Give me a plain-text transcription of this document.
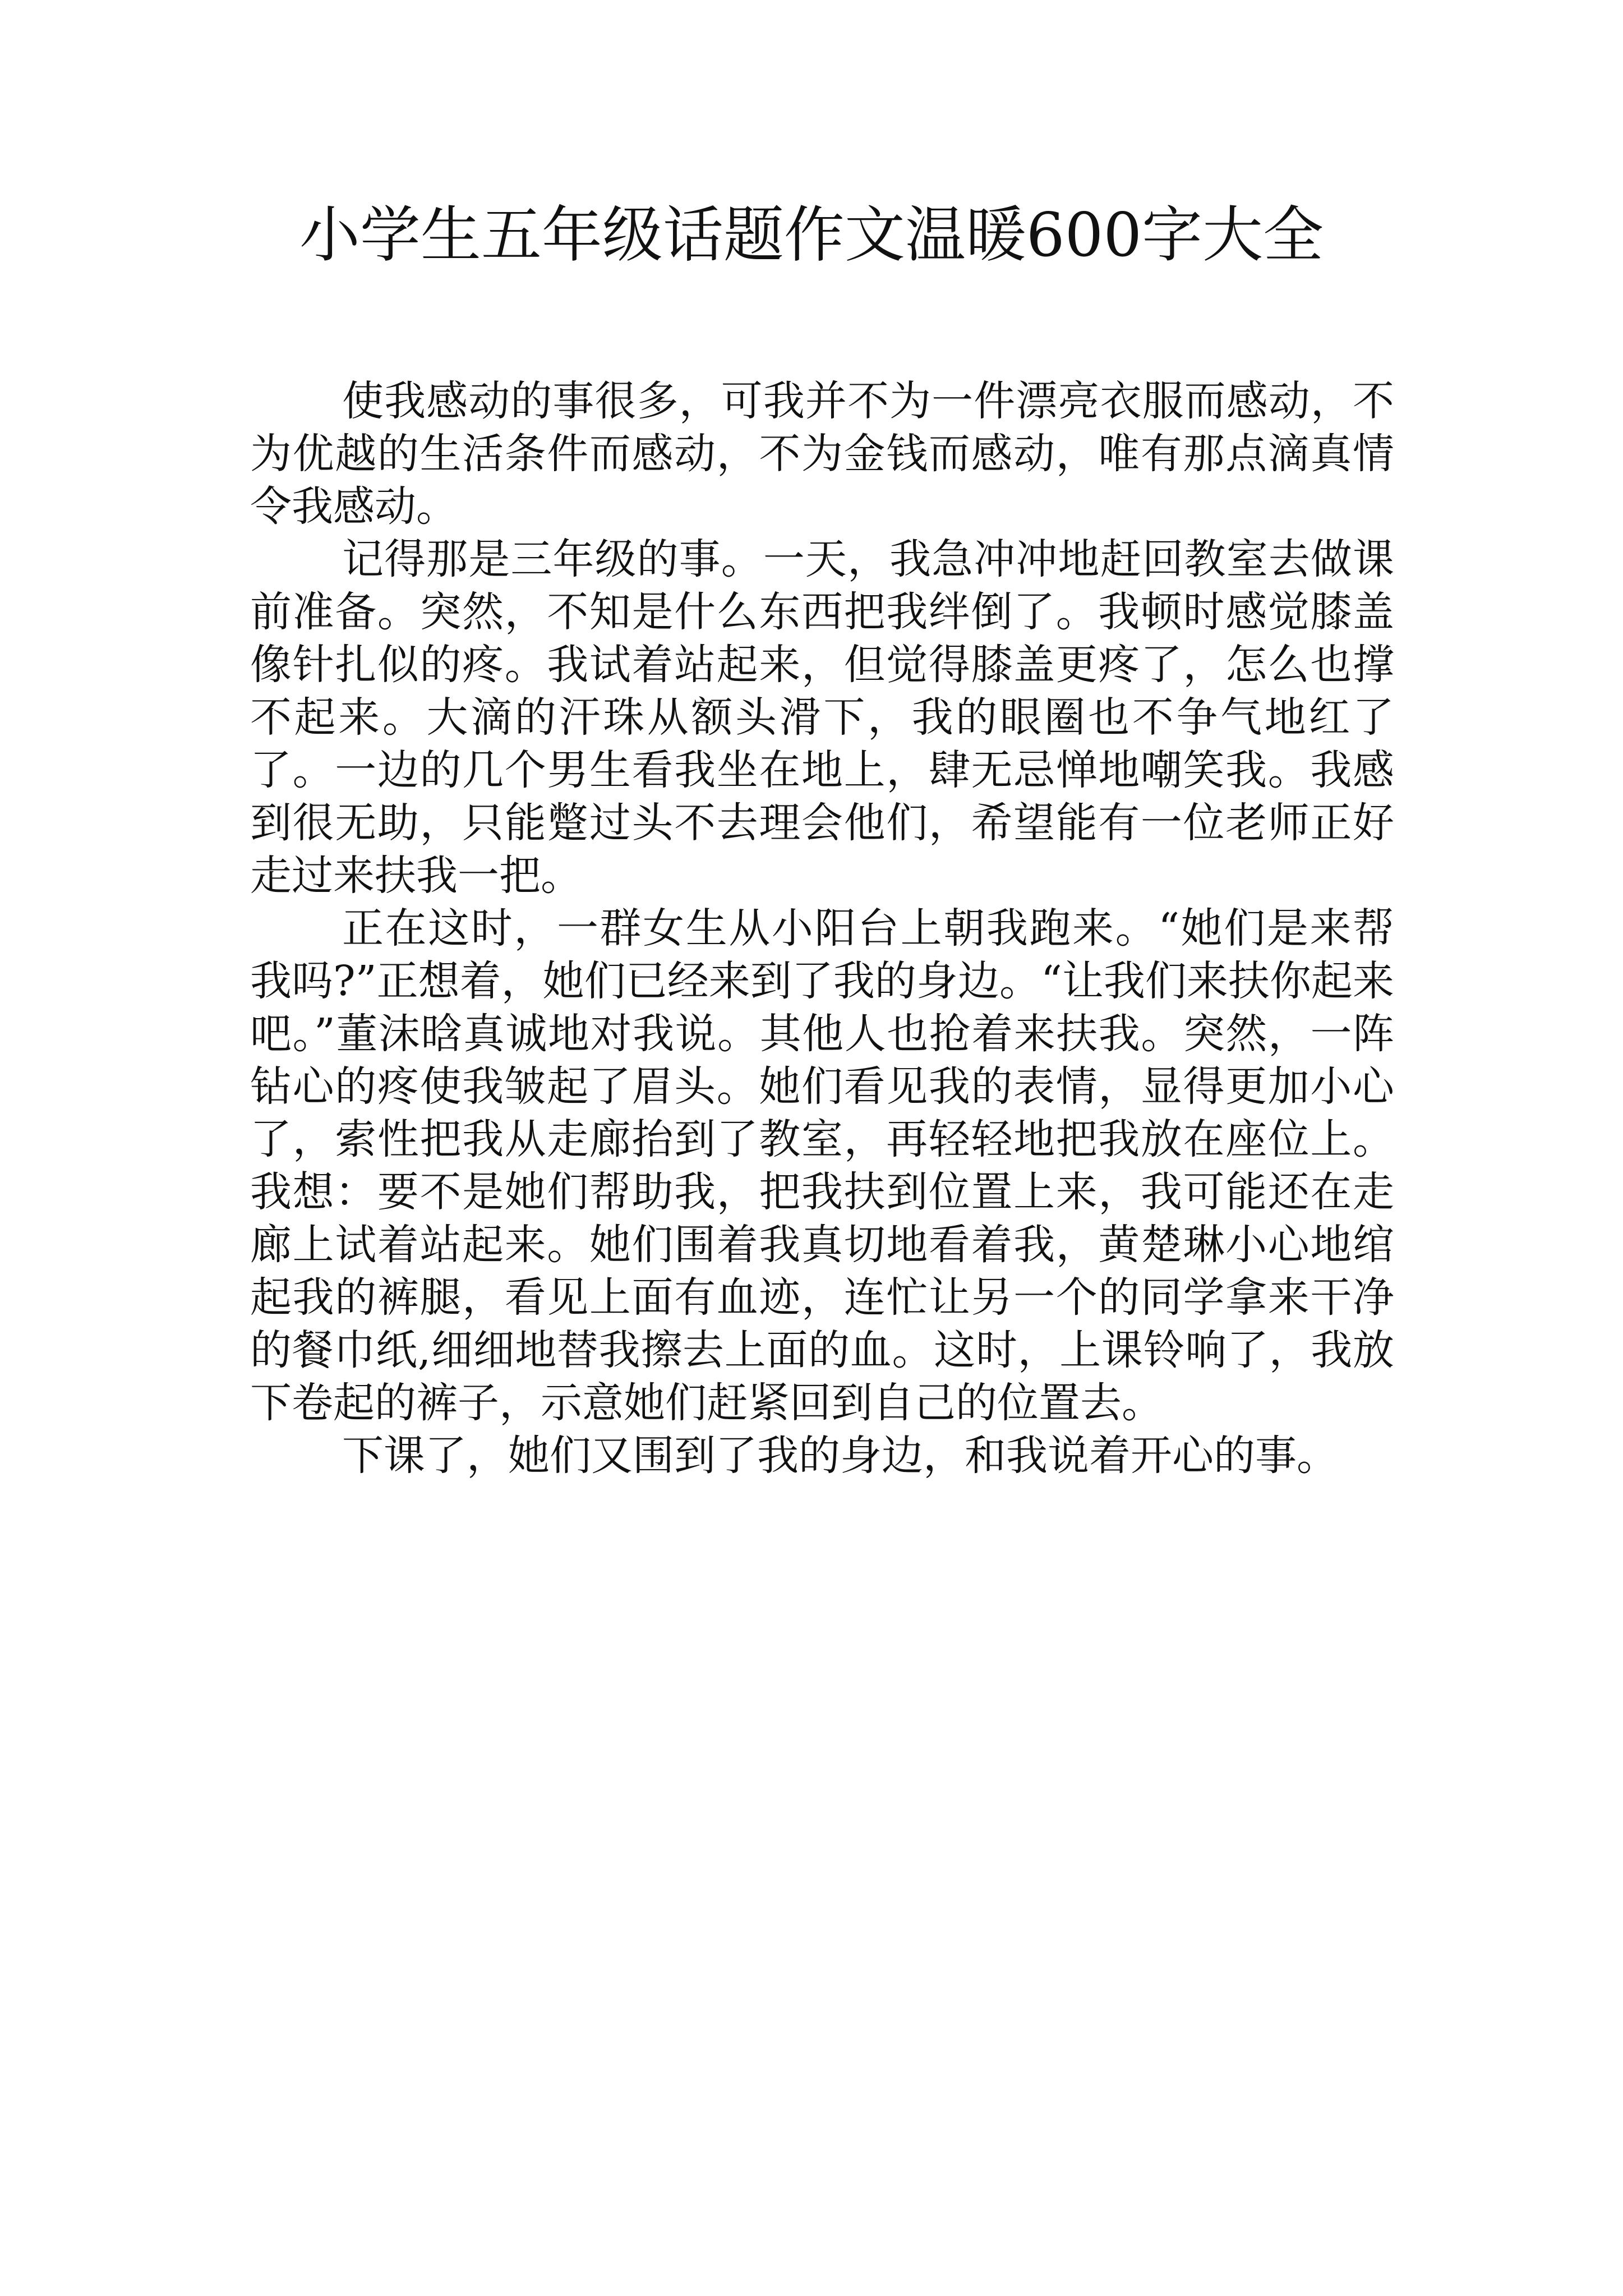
小学生五年级话题作文温暖600字大全

使我感动的事很多，可我并不为一件漂亮衣服而感动，不为优越的生活条件而感动，不为金钱而感动，唯有那点滴真情令我感动。

记得那是三年级的事。一天，我急冲冲地赶回教室去做课前准备。突然，不知是什么东西把我绊倒了。我顿时感觉膝盖像针扎似的疼。我试着站起来，但觉得膝盖更疼了，怎么也撑不起来。大滴的汗珠从额头滑下，我的眼圈也不争气地红了了。一边的几个男生看我坐在地上，肆无忌惮地嘲笑我。我感到很无助，只能蹩过头不去理会他们，希望能有一位老师正好走过来扶我一把。

正在这时，一群女生从小阳台上朝我跑来。“她们是来帮我吗?”正想着，她们已经来到了我的身边。“让我们来扶你起来吧。”董沫晗真诚地对我说。其他人也抢着来扶我。突然，一阵钻心的疼使我皱起了眉头。她们看见我的表情，显得更加小心了，索性把我从走廊抬到了教室，再轻轻地把我放在座位上。我想：要不是她们帮助我，把我扶到位置上来，我可能还在走廊上试着站起来。她们围着我真切地看着我，黄楚琳小心地绾起我的裤腿，看见上面有血迹，连忙让另一个的同学拿来干净的餐巾纸,细细地替我擦去上面的血。这时，上课铃响了，我放下卷起的裤子，示意她们赶紧回到自己的位置去。

下课了，她们又围到了我的身边，和我说着开心的事。
